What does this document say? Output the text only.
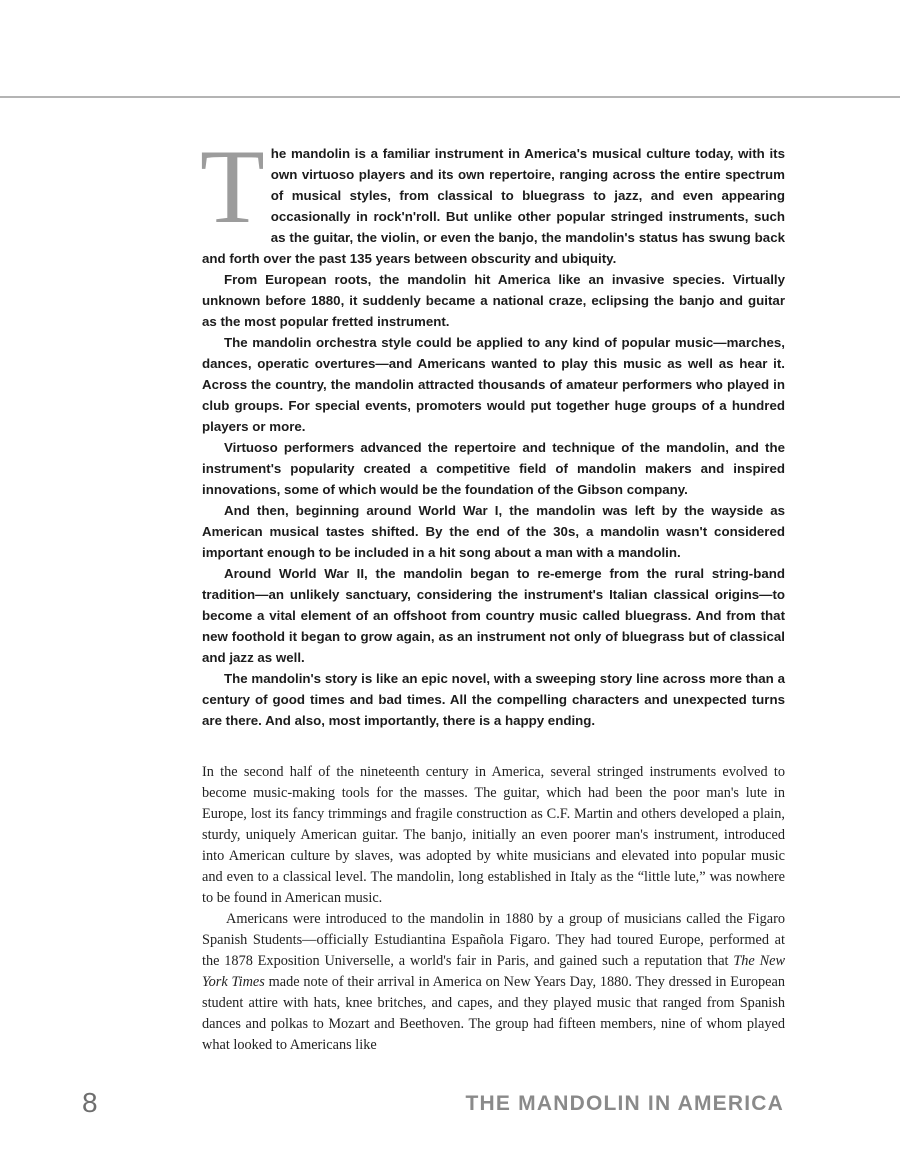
The mandolin is a familiar instrument in America's musical culture today, with its own virtuoso players and its own repertoire, ranging across the entire spectrum of musical styles, from classical to bluegrass to jazz, and even appearing occasionally in rock'n'roll. But unlike other popular stringed instruments, such as the guitar, the violin, or even the banjo, the mandolin's status has swung back and forth over the past 135 years between obscurity and ubiquity.

From European roots, the mandolin hit America like an invasive species. Virtually unknown before 1880, it suddenly became a national craze, eclipsing the banjo and guitar as the most popular fretted instrument.

The mandolin orchestra style could be applied to any kind of popular music—marches, dances, operatic overtures—and Americans wanted to play this music as well as hear it. Across the country, the mandolin attracted thousands of amateur performers who played in club groups. For special events, promoters would put together huge groups of a hundred players or more.

Virtuoso performers advanced the repertoire and technique of the mandolin, and the instrument's popularity created a competitive field of mandolin makers and inspired innovations, some of which would be the foundation of the Gibson company.

And then, beginning around World War I, the mandolin was left by the wayside as American musical tastes shifted. By the end of the 30s, a mandolin wasn't considered important enough to be included in a hit song about a man with a mandolin.

Around World War II, the mandolin began to re-emerge from the rural string-band tradition—an unlikely sanctuary, considering the instrument's Italian classical origins—to become a vital element of an offshoot from country music called bluegrass. And from that new foothold it began to grow again, as an instrument not only of bluegrass but of classical and jazz as well.

The mandolin's story is like an epic novel, with a sweeping story line across more than a century of good times and bad times. All the compelling characters and unexpected turns are there. And also, most importantly, there is a happy ending.

In the second half of the nineteenth century in America, several stringed instruments evolved to become music-making tools for the masses. The guitar, which had been the poor man's lute in Europe, lost its fancy trimmings and fragile construction as C.F. Martin and others developed a plain, sturdy, uniquely American guitar. The banjo, initially an even poorer man's instrument, introduced into American culture by slaves, was adopted by white musicians and elevated into popular music and even to a classical level. The mandolin, long established in Italy as the “little lute,” was nowhere to be found in American music.

Americans were introduced to the mandolin in 1880 by a group of musicians called the Figaro Spanish Students—officially Estudiantina Española Figaro. They had toured Europe, performed at the 1878 Exposition Universelle, a world's fair in Paris, and gained such a reputation that The New York Times made note of their arrival in America on New Years Day, 1880. They dressed in European student attire with hats, knee britches, and capes, and they played music that ranged from Spanish dances and polkas to Mozart and Beethoven. The group had fifteen members, nine of whom played what looked to Americans like

8	THE MANDOLIN IN AMERICA
